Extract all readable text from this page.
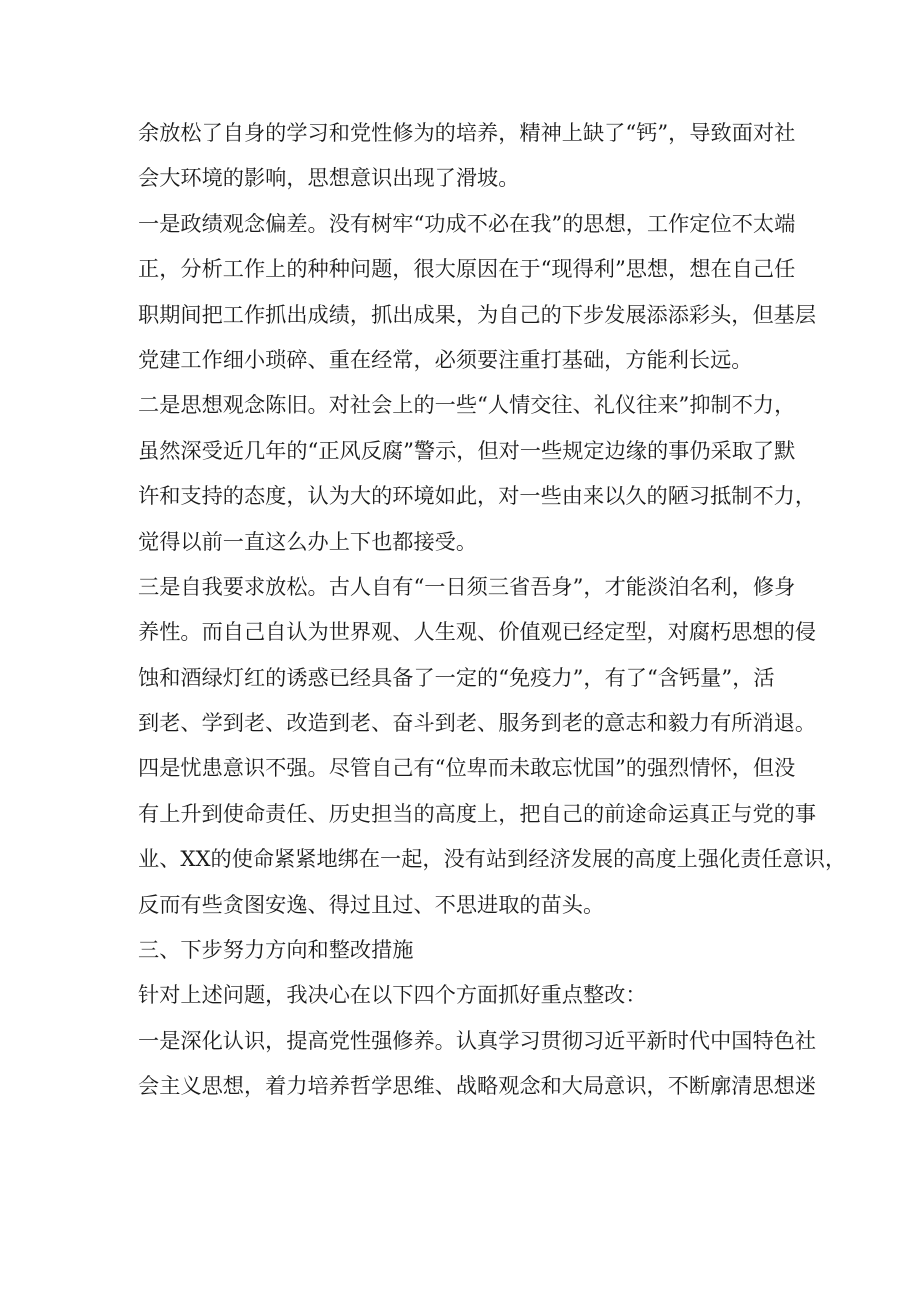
余放松了自身的学习和党性修为的培养，精神上缺了“钙”，导致面对社
会大环境的影响，思想意识出现了滑坡。
一是政绩观念偏差。没有树牢“功成不必在我”的思想，工作定位不太端
正，分析工作上的种种问题，很大原因在于“现得利”思想，想在自己任
职期间把工作抓出成绩，抓出成果，为自己的下步发展添添彩头，但基层
党建工作细小琐碎、重在经常，必须要注重打基础，方能利长远。
二是思想观念陈旧。对社会上的一些“人情交往、礼仪往来”抑制不力，
虽然深受近几年的“正风反腐”警示，但对一些规定边缘的事仍采取了默
许和支持的态度，认为大的环境如此，对一些由来以久的陋习抵制不力，
觉得以前一直这么办上下也都接受。
三是自我要求放松。古人自有“一日须三省吾身”，才能淡泊名利，修身
养性。而自己自认为世界观、人生观、价值观已经定型，对腐朽思想的侵
蚀和酒绿灯红的诱惑已经具备了一定的“免疫力”，有了“含钙量”，活
到老、学到老、改造到老、奋斗到老、服务到老的意志和毅力有所消退。
四是忧患意识不强。尽管自己有“位卑而未敢忘忧国”的强烈情怀，但没
有上升到使命责任、历史担当的高度上，把自己的前途命运真正与党的事
业、XX的使命紧紧地绑在一起，没有站到经济发展的高度上强化责任意识，
反而有些贪图安逸、得过且过、不思进取的苗头。
三、下步努力方向和整改措施
针对上述问题，我决心在以下四个方面抓好重点整改：
一是深化认识，提高党性强修养。认真学习贯彻习近平新时代中国特色社
会主义思想，着力培养哲学思维、战略观念和大局意识，不断廓清思想迷
